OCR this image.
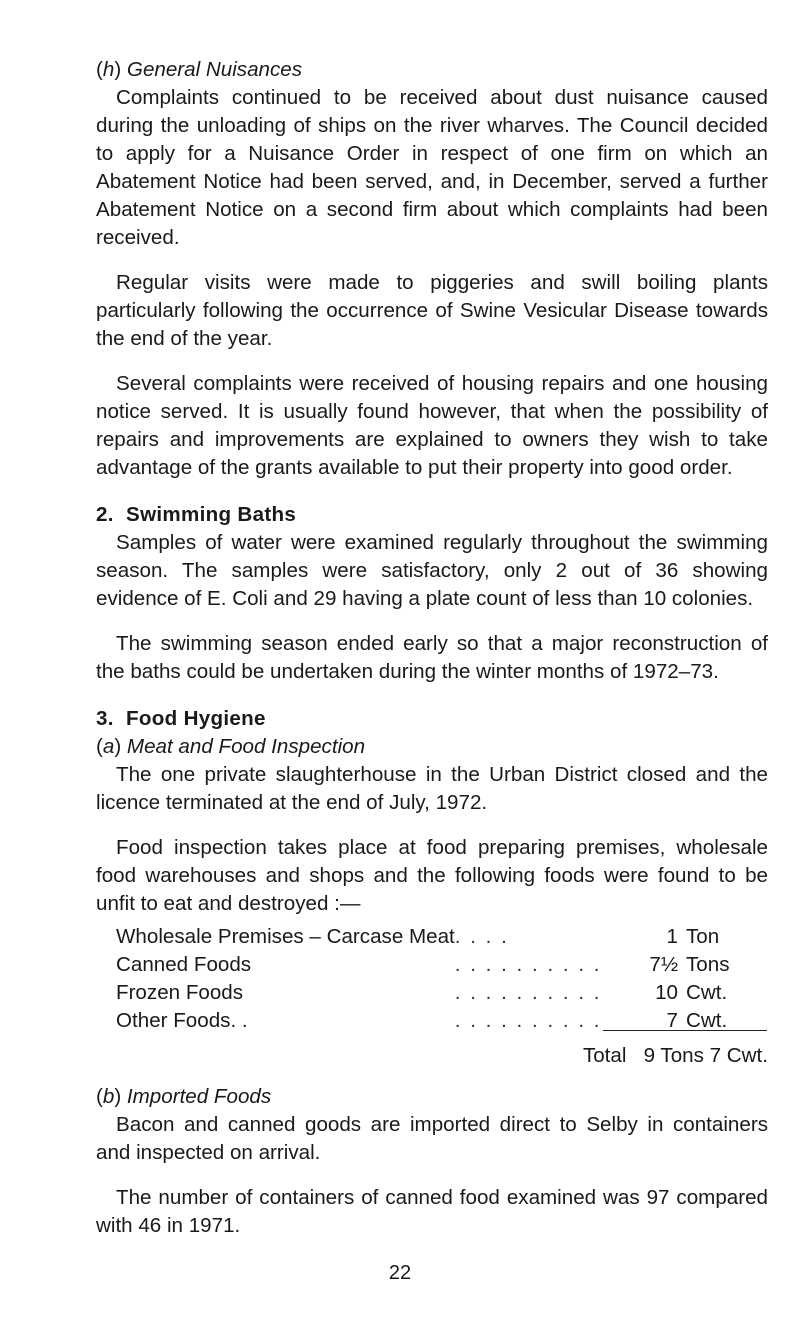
(h) General Nuisances

Complaints continued to be received about dust nuisance caused during the unloading of ships on the river wharves. The Council decided to apply for a Nuisance Order in respect of one firm on which an Abatement Notice had been served, and, in December, served a further Abatement Notice on a second firm about which complaints had been received.

Regular visits were made to piggeries and swill boiling plants particularly following the occurrence of Swine Vesicular Disease towards the end of the year.

Several complaints were received of housing repairs and one housing notice served. It is usually found however, that when the possibility of repairs and improvements are explained to owners they wish to take advantage of the grants available to put their property into good order.

2. Swimming Baths

Samples of water were examined regularly throughout the swimming season. The samples were satisfactory, only 2 out of 36 showing evidence of E. Coli and 29 having a plate count of less than 10 colonies.

The swimming season ended early so that a major reconstruction of the baths could be undertaken during the winter months of 1972–73.

3. Food Hygiene

(a) Meat and Food Inspection

The one private slaughterhouse in the Urban District closed and the licence terminated at the end of July, 1972.

Food inspection takes place at food preparing premises, wholesale food warehouses and shops and the following foods were found to be unfit to eat and destroyed :—

Wholesale Premises – Carcase Meat	. . . .	1	Ton
Canned Foods	. . . . . . . . . .	7½	Tons
Frozen Foods	. . . . . . . . . .	10	Cwt.
Other Foods. .	. . . . . . . . . .	7	Cwt.
Total 9 Tons 7 Cwt.

(b) Imported Foods

Bacon and canned goods are imported direct to Selby in containers and inspected on arrival.

The number of containers of canned food examined was 97 compared with 46 in 1971.

22
